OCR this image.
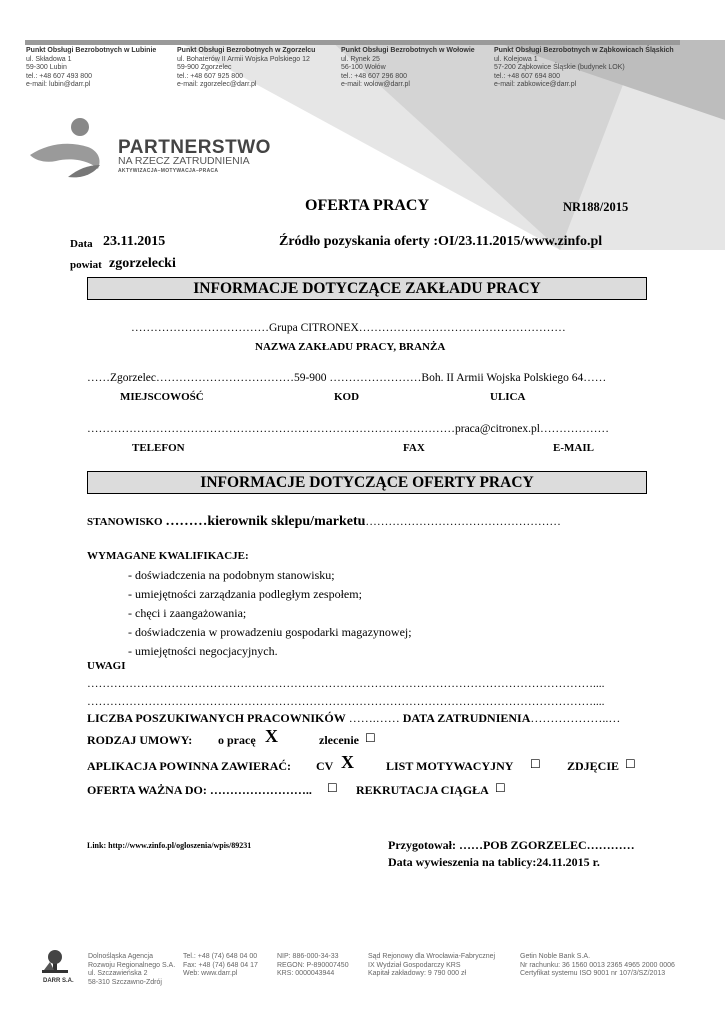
Punkt Obsługi Bezrobotnych w Lubinie
ul. Składowa 1
59-300 Lubin
tel.: +48 607 493 800
e-mail: lubin@darr.pl
Punkt Obsługi Bezrobotnych w Zgorzelcu
ul. Bohaterów II Armii Wojska Polskiego 12
59-900 Zgorzelec
tel.: +48 607 925 800
e-mail: zgorzelec@darr.pl
Punkt Obsługi Bezrobotnych w Wołowie
ul. Rynek 25
56-100 Wołów
tel.: +48 607 296 800
e-mail: wolow@darr.pl
Punkt Obsługi Bezrobotnych w Ząbkowicach Śląskich
ul. Kolejowa 1
57-200 Ząbkowice Śląskie (budynek LOK)
tel.: +48 607 694 800
e-mail: zabkowice@darr.pl
PARTNERSTWO
NA RZECZ ZATRUDNIENIA
AKTYWIZACJA–MOTYWACJA–PRACA
OFERTA PRACY	NR188/2015
Data 23.11.2015	Źródło pozyskania oferty :OI/23.11.2015/www.zinfo.pl
powiat zgorzelecki
INFORMACJE DOTYCZĄCE ZAKŁADU PRACY
………………………………Grupa CITRONEX………………………………………………
NAZWA ZAKŁADU PRACY, BRANŻA
……Zgorzelec………………………………59-900 ……………………Boh. II Armii Wojska Polskiego 64……
MIEJSCOWOŚĆ	KOD	ULICA
……………………………………………………………………………………praca@citronex.pl………………
TELEFON	FAX	E-MAIL
INFORMACJE DOTYCZĄCE OFERTY PRACY
STANOWISKO ………kierownik sklepu/marketu……………………………………………
WYMAGANE KWALIFIKACJE:
- doświadczenia na podobnym stanowisku;
- umiejętności zarządzania podległym zespołem;
- chęci i zaangażowania;
- doświadczenia w prowadzeniu gospodarki magazynowej;
- umiejętności negocjacyjnych.
UWAGI
……………………………………………………………………………………………………………………....
……………………………………………………………………………………………………………………....
LICZBA POSZUKIWANYCH PRACOWNIKÓW …….…… DATA ZATRUDNIENIA………………..…
RODZAJ UMOWY: o pracę X	zlecenie ☐
APLIKACJA POWINNA ZAWIERAĆ: CV X	LIST MOTYWACYJNY ☐ ZDJĘCIE ☐
OFERTA WAŻNA DO: …………………….. ☐ REKRUTACJA CIĄGŁA ☐
Link: http://www.zinfo.pl/ogloszenia/wpis/89231	Przygotował: ……POB ZGORZELEC…………
Data wywieszenia na tablicy:24.11.2015 r.
DARR S.A.
Dolnośląska Agencja
Rozwoju Regionalnego S.A.
ul. Szczawieńska 2
58-310 Szczawno-Zdrój
Tel.: +48 (74) 648 04 00
Fax: +48 (74) 648 04 17
Web: www.darr.pl
NIP: 886-000-34-33
REGON: P-890007450
KRS: 0000043944
Sąd Rejonowy dla Wrocławia-Fabrycznej
IX Wydział Gospodarczy KRS
Kapitał zakładowy: 9 790 000 zł
Getin Noble Bank S.A.
Nr rachunku: 36 1560 0013 2365 4965 2000 0006
Certyfikat systemu ISO 9001 nr 107/3/SZ/2013
